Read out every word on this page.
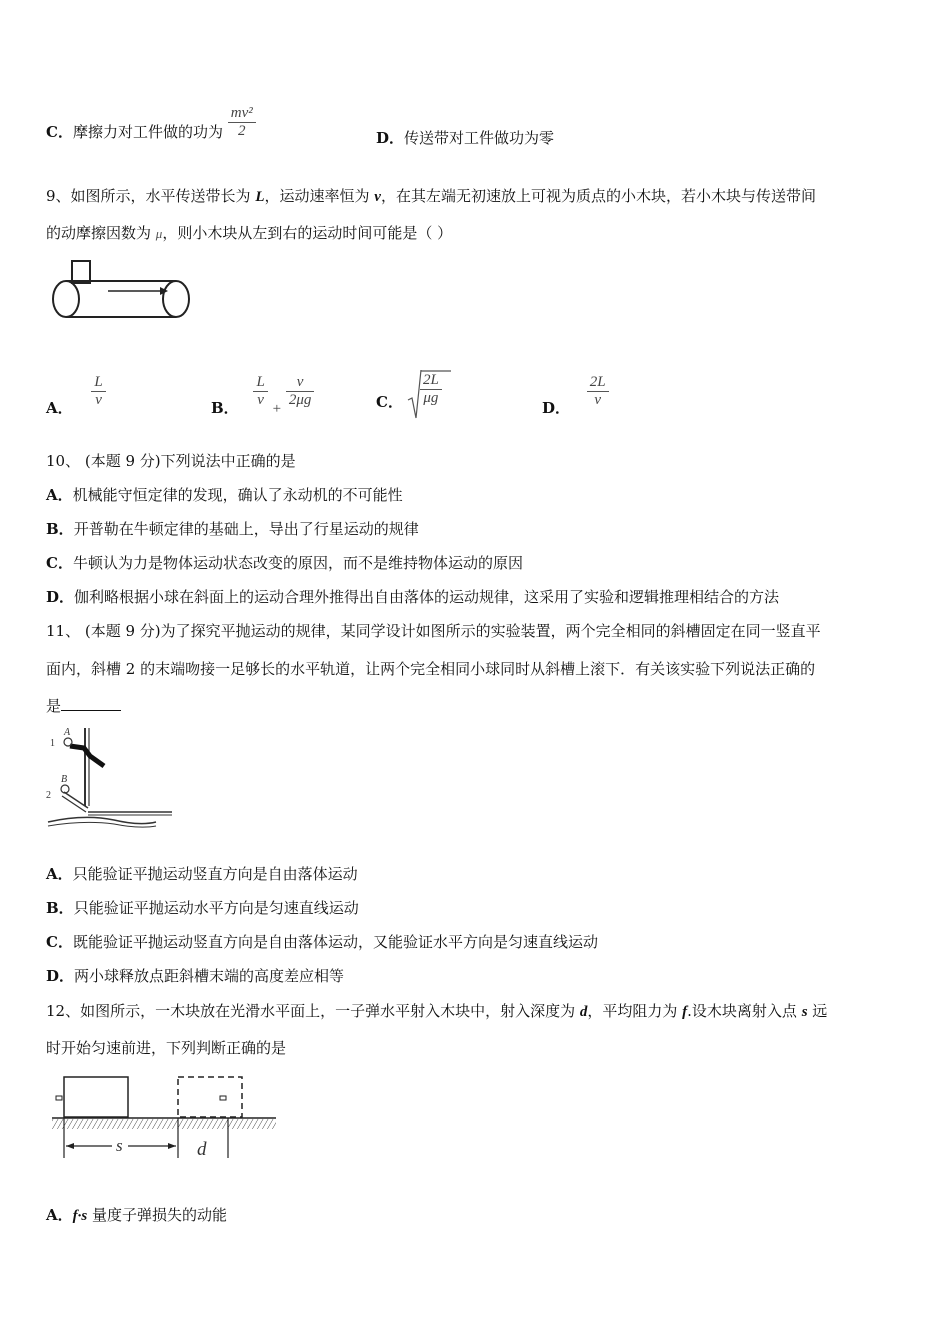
C．摩擦力对工件做的功为 $\frac{\text{mv²}}{2}$	D．传送带对工件做功为零
9、如图所示，水平传送带长为 L，运动速率恒为 v，在其左端无初速放上可视为质点的小木块，若小木块与传送带间
的动摩擦因数为 μ，则小木块从左到右的运动时间可能是（ ）
A． $\frac{L}{v}$	B． $\frac{L}{v} + \frac{v}{2\mu g}$	C． $\frac{2L}{\mu g}$
D． $\frac{2L}{v}$
10、 (本题 9 分)下列说法中正确的是
A．机械能守恒定律的发现，确认了永动机的不可能性
B．开普勒在牛顿定律的基础上，导出了行星运动的规律
C．牛顿认为力是物体运动状态改变的原因，而不是维持物体运动的原因
D．伽利略根据小球在斜面上的运动合理外推得出自由落体的运动规律，这采用了实验和逻辑推理相结合的方法
11、 (本题 9 分)为了探究平抛运动的规律，某同学设计如图所示的实验装置，两个完全相同的斜槽固定在同一竖直平
面内，斜槽 2 的末端吻接一足够长的水平轨道，让两个完全相同小球同时从斜槽上滚下．有关该实验下列说法正确的
是
1
A
2
B
A．只能验证平抛运动竖直方向是自由落体运动
B．只能验证平抛运动水平方向是匀速直线运动
C．既能验证平抛运动竖直方向是自由落体运动，又能验证水平方向是匀速直线运动
D．两小球释放点距斜槽末端的高度差应相等
12、如图所示，一木块放在光滑水平面上，一子弹水平射入木块中，射入深度为 d，平均阻力为 f.设木块离射入点 s 远
时开始匀速前进，下列判断正确的是
s	d
A．f·s 量度子弹损失的动能
